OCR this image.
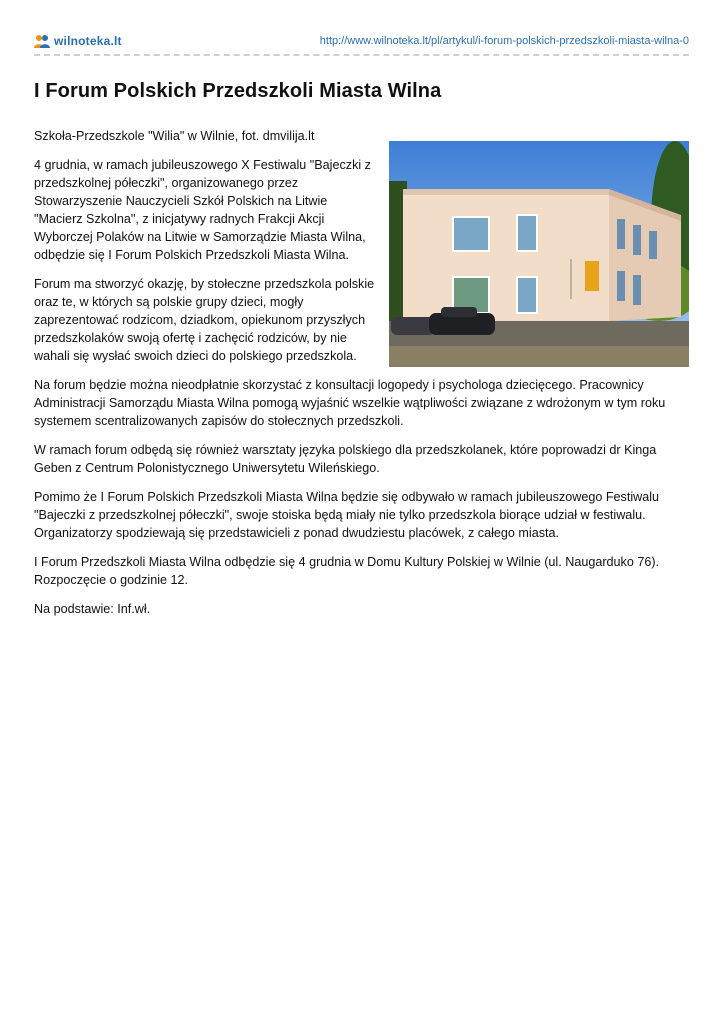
wilnoteka.lt	http://www.wilnoteka.lt/pl/artykul/i-forum-polskich-przedszkoli-miasta-wilna-0
I Forum Polskich Przedszkoli Miasta Wilna

Szkoła-Przedszkole "Wilia" w Wilnie, fot. dmvilija.lt

4 grudnia, w ramach jubileuszowego X Festiwalu "Bajeczki z przedszkolnej półeczki", organizowanego przez Stowarzyszenie Nauczycieli Szkół Polskich na Litwie "Macierz Szkolna", z inicjatywy radnych Frakcji Akcji Wyborczej Polaków na Litwie w Samorządzie Miasta Wilna, odbędzie się I Forum Polskich Przedszkoli Miasta Wilna.

Forum ma stworzyć okazję, by stołeczne przedszkola polskie oraz te, w których są polskie grupy dzieci, mogły zaprezentować rodzicom, dziadkom, opiekunom przyszłych przedszkolaków swoją ofertę i zachęcić rodziców, by nie wahali się wysłać swoich dzieci do polskiego przedszkola.

Na forum będzie można nieodpłatnie skorzystać z konsultacji logopedy i psychologa dziecięcego. Pracownicy Administracji Samorządu Miasta Wilna pomogą wyjaśnić wszelkie wątpliwości związane z wdrożonym w tym roku systemem scentralizowanych zapisów do stołecznych przedszkoli.

W ramach forum odbędą się również warsztaty języka polskiego dla przedszkolanek, które poprowadzi dr Kinga Geben z Centrum Polonistycznego Uniwersytetu Wileńskiego.

Pomimo że I Forum Polskich Przedszkoli Miasta Wilna będzie się odbywało w ramach jubileuszowego Festiwalu "Bajeczki z przedszkolnej półeczki", swoje stoiska będą miały nie tylko przedszkola biorące udział w festiwalu. Organizatorzy spodziewają się przedstawicieli z ponad dwudziestu placówek, z całego miasta.

I Forum Przedszkoli Miasta Wilna odbędzie się 4 grudnia w Domu Kultury Polskiej w Wilnie (ul. Naugarduko 76). Rozpoczęcie o godzinie 12.

Na podstawie: Inf.wł.
